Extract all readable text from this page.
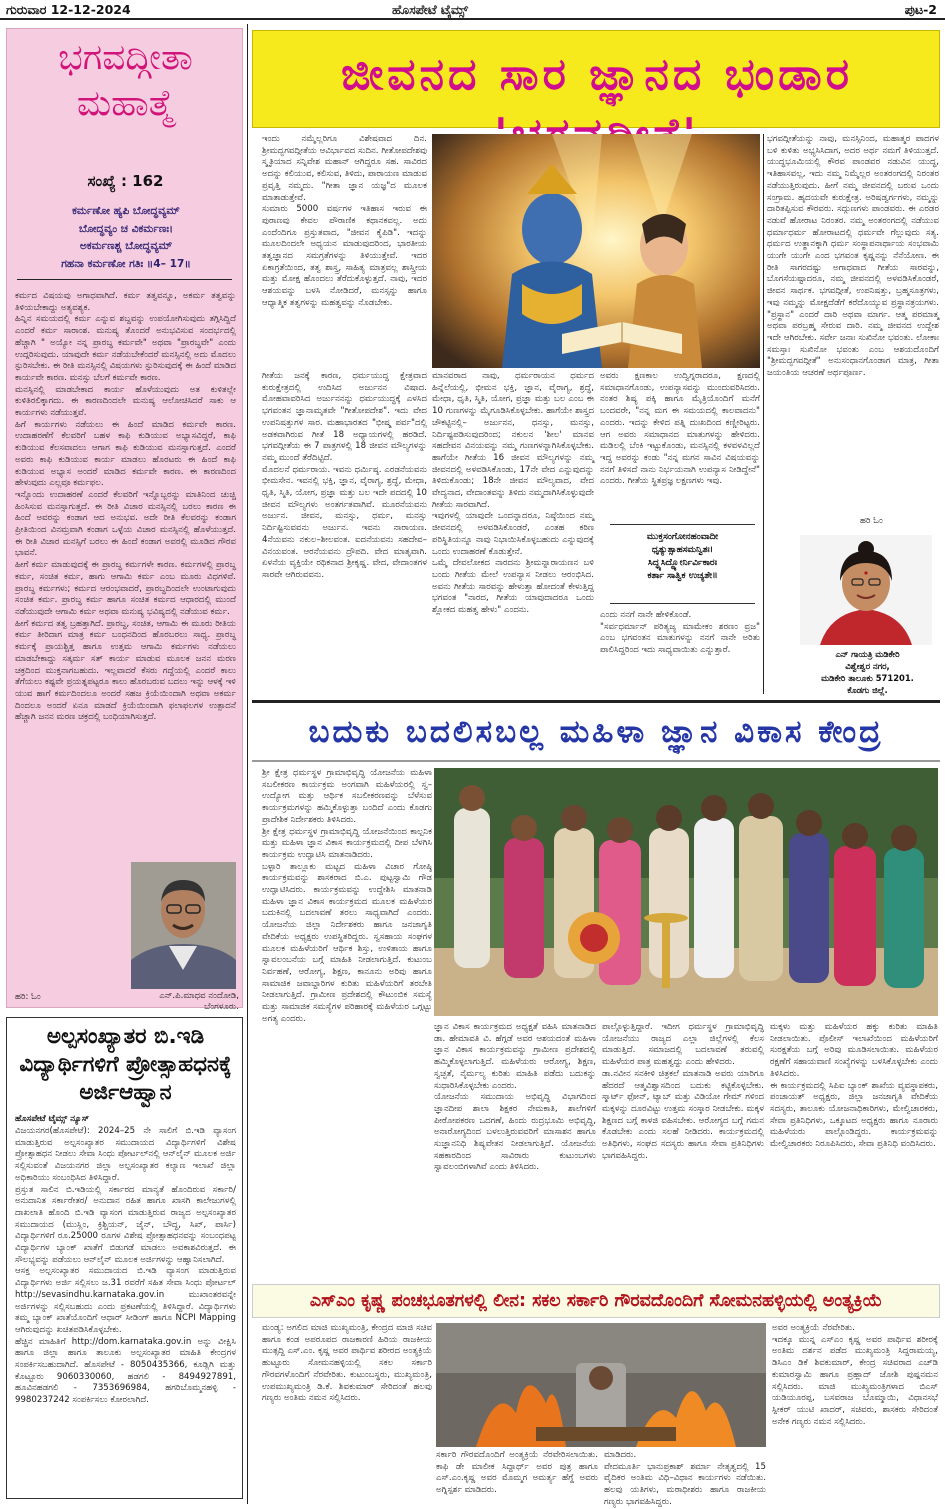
ಗುರುವಾರ 12-12-2024	ಹೊಸಪೇಟೆ ಟೈಮ್ಸ್	ಪುಟ-2
ಭಗವದ್ಗೀತಾ ಮಹಾತ್ಮೆ
ಸಂಖ್ಯೆ : 162
ಕರ್ಮಣೋ ಹ್ಯಪಿ ಬೋದ್ಧವ್ಯಮ್
ಬೋದ್ಧವ್ಯಂ ಚ ವಿಕರ್ಮಣಃ।
ಅಕರ್ಮಣಶ್ಚ ಬೋದ್ಧವ್ಯಮ್
ಗಹನಾ ಕರ್ಮಣೋ ಗತಿಃ ॥4– 17॥
ಕರ್ಮದ ವಿಷಯವು ಅಗಾಧವಾಗಿದೆ. ಕರ್ಮ ತತ್ವವನ್ನೂ, ಅಕರ್ಮ ತತ್ವವನ್ನು ತಿಳಿಯಬೇಕಾದ್ದು ಅತ್ಯವಶ್ಯಕ.
ಹಿನ್ನಿನ ಸಮಯದಲ್ಲಿ ಕರ್ಮ ಎನ್ನುವ ಶಬ್ದವನ್ನು ಉಪಯೋಗಿಸುವುದು ತಗ್ಗಿಸಿದ್ದಿದೆ ಎಂದರೆ ಕರ್ಮ ಸಾರಾಂಶ. ಮನುಷ್ಯ ತೊಂದರೆ ಅನುಭವಿಸುವ ಸಂದರ್ಭದಲ್ಲಿ ಹೆಚ್ಚಾಗಿ " ಅಯ್ಯೋ ನನ್ನ ಪ್ರಾರಬ್ಧ ಕರ್ಮವೇ" ಅಥವಾ "ಪ್ರಾರಬ್ಧವೇ" ಎಂದು ಉದ್ಗರಿಸುವುದು. ಯಾವುದೇ ಕರ್ಮ ನಡೆಯಬೇಕೆಂದರೆ ಮನಸ್ಸಿನಲ್ಲಿ ಅದು ಮೊದಲು ಸ್ಫುರಿಸಬೇಕು. ಈ ರೀತಿ ಮನಸ್ಸಿನಲ್ಲಿ ವಿಷಯಗಳು ಸ್ಫುರಿಸುವುದಕ್ಕೆ ಈ ಹಿಂದೆ ಮಾಡಿದ ಕಾರ್ಯವೇ ಕಾರಣ. ಮನಸ್ಸು ಬೆಲಗೆ ಕರ್ಮವೇ ಕಾರಣ.
ಮನಸ್ಸಿನಲ್ಲಿ ಮಾಡಬೇಕಾದ ಕಾರ್ಯ ಹೊಳೆಯುವುದು ಅತ ಕುಳಿತಲ್ಲೇ ಕುಳಿತಿರಲಿಕ್ಕಾಗದು. ಈ ಕಾರಣದಿಂದಲೇ ಮನುಷ್ಯ ಆಲೋಚಿಸಿದರೆ ಸಾಕು ಆ ಕಾರ್ಯಗಳು ನಡೆಯುತ್ತವೆ.
ಹಿಗೆ ಕಾರ್ಯಗಳು ನಡೆಯಲು ಈ ಹಿಂದೆ ಮಾಡಿದ ಕರ್ಮವೇ ಕಾರಣ. ಉದಾಹರಣೆಗೆ ಕೆಲವರಿಗೆ ಬಹಳ ಕಾಫಿ ಕುಡಿಯುವ ಅಭ್ಯಾಸವಿದ್ದರೆ, ಕಾಫಿ ಕುಡಿಯುವ ಕೆಲಸವಾದಲು ಆಗಾಗ ಕಾಫಿ ಕುಡಿಯುವ ಮನಸ್ಸಾಗುತ್ತದೆ. ಎಂದರೆ ಅವರು ಕಾಫಿ ಕುಡಿಯುವ ಕಾರ್ಯ ಮಾಡಲು ಹೊರಟರು ಈ ಹಿಂದೆ ಕಾಫಿ ಕುಡಿಯುವ ಅಭ್ಯಾಸ ಅಂದರೆ ಮಾಡಿದ ಕರ್ಮವೇ ಕಾರಣ. ಈ ಕಾರಣದಿಂದ ಹೇಳುವುದು ಎಲ್ಲವೂ ಕರ್ಮಫಲ.
ಇನ್ನೊಂದು ಉದಾಹರಣೆ ಎಂದರೆ ಕೆಲವರಿಗೆ ಇನ್ನೊಬ್ಬರನ್ನು ಮಾತಿನಿಂದ ಚುಚ್ಚಿ ಹಿಂಸಿಸುವ ಮನಸ್ಸಾಗುತ್ತದೆ. ಈ ರೀತಿ ವಿಚಾರ ಮನಸ್ಸಿನಲ್ಲಿ ಬರಲು ಕಾರಣ ಈ ಹಿಂದೆ ಅವರನ್ನು ಕಂಡಾಗ ಆದ ಅನುಭವ. ಅದೇ ರೀತಿ ಕೆಲವರನ್ನು ಕಂಡಾಗ ಪ್ರೀತಿಯಿಂದ ವಿನಮ್ರವಾಗಿ ಕಂಡಾಗ ಒಳ್ಳೆಯ ವಿಚಾರ ಮನಸ್ಸಿನಲ್ಲಿ ಹೊಳೆಯುತ್ತದೆ. ಈ ರೀತಿ ವಿಚಾರ ಮನಸ್ಸಿಗೆ ಬರಲು ಈ ಹಿಂದೆ ಕಂಡಾಗ ಅವರಲ್ಲಿ ಮೂಡಿದ ಗೌರವ ಭಾವನೆ.
ಹೀಗೆ ಕರ್ಮ ಮಾಡುವುದಕ್ಕೆ ಈ ಪ್ರಾರಬ್ಧ ಕರ್ಮಗಳೇ ಕಾರಣ. ಕರ್ಮಗಳಲ್ಲಿ ಪ್ರಾರಬ್ಧ ಕರ್ಮ, ಸಂಚಿತ ಕರ್ಮ, ಹಾಗು ಆಗಾಮಿ ಕರ್ಮ ಎಂಬ ಮೂರು ವಿಧಗಳಿವೆ. ಪ್ರಾರಬ್ಧ ಕರ್ಮಗಳು; ಕರ್ಮದ ಆರಂಭವಾದರೆ, ಪ್ರಾರಬ್ಧದಿಂದಲೇ ಉಂಟಾಗುವುದು ಸಂಚಿತ ಕರ್ಮ. ಪ್ರಾರಬ್ಧ ಕರ್ಮ ಹಾಗೂ ಸಂಚಿತ ಕರ್ಮದ ಆಧಾರದಲ್ಲಿ ಮುಂದೆ ನಡೆಯುವುದೇ ಆಗಾಮಿ ಕರ್ಮ ಅಥವಾ ಮನುಷ್ಯ ಭವಿಷ್ಯದಲ್ಲಿ ನಡೆಯುವ ಕರ್ಮ.
ಹೀಗೆ ಕರ್ಮದ ತತ್ವ ಬ್ರಹತ್ತಾಗಿದೆ. ಪ್ರಾರಬ್ಧ, ಸಂಚಿತ, ಆಗಾಮಿ ಈ ಮೂರು ರೀತಿಯ ಕರ್ಮ ತೀರಿದಾಗ ಮಾತ್ರ ಕರ್ಮ ಬಂಧನದಿಂದ ಹೊರಬರಲು ಸಾಧ್ಯ. ಪ್ರಾರಬ್ಧ ಕರ್ಮಕ್ಕೆ ಪ್ರಾಯಶ್ಚಿತ್ತ ಹಾಗೂ ಉತ್ತಮ ಆಗಾಮಿ ಕರ್ಮಗಳು ನಡೆಯಲು ಮಾಡಬೇಕಾದ್ದು ಸತ್ಕರ್ಮ ಸತ್ ಕಾರ್ಯ ಮಾಡುವ ಮೂಲಕ ಜನನ ಮರಣ ಚಕ್ರದಿಂದ ಮುಕ್ತನಾಗಬಹುದು. ಇಲ್ಲವಾದರೆ ಕೆಸರು ಗದ್ದೆಯಲ್ಲಿ ಎಂದರೆ ಕಾಲು ತೆಗೆಯಲು ಕಷ್ಟವೇ ಪ್ರಯತ್ನಪಟ್ಟರೂ ಕಾಲು ಹೊರಬರುವ ಬದಲು ಇನ್ನು ಆಳಕ್ಕೆ ಇಳಿ ಯುವ ಹಾಗೆ ಕರ್ಮದಿಂದಲೂ ಅಂದರೆ ಸಹಜ ಕ್ರಿಯೆಯಿಂದಾಗಿ ಅಥವಾ ಅಕರ್ಮ ದಿಂದಲೂ ಅಂದರೆ ಏನೂ ಮಾಡದೆ ಕ್ರಿಯೆಯಿಂದಾಗಿ ಫಲಾಫಲಗಳ ಉತ್ಪಾದನೆ ಹೆಚ್ಚಾಗಿ ಜನನ ಮರಣ ಚಕ್ರದಲ್ಲಿ ಬಂಧಿಯಾಗಿಸುತ್ತದೆ.
ಎನ್.ಪಿ.ಮಾಧವ ನಂದೋಡಿ,
ಬೆಂಗಳೂರು.
ಹರಿ: ಓಂ
ಅಲ್ಪಸಂಖ್ಯಾತರ ಬಿ.ಇಡಿ ವಿದ್ಯಾರ್ಥಿಗಳಿಗೆ ಪ್ರೋತ್ಸಾಹಧನಕ್ಕೆ ಅರ್ಜಿಆಹ್ವಾನ
ಹೊಸಪೇಟೆ ಟೈಮ್ಸ್ ನ್ಯೂಸ್
ವಿಜಯನಗರ(ಹೊಸಪೇಟೆ): 2024–25 ನೇ ಸಾಲಿಗೆ ಬಿ.ಇಡಿ ವ್ಯಾಸಂಗ ಮಾಡುತ್ತಿರುವ ಅಲ್ಪಸಂಖ್ಯಾತರ ಸಮುದಾಯದ ವಿದ್ಯಾರ್ಥಿಗಳಿಗೆ ವಿಶೇಷ ಪ್ರೋತ್ಸಾಹಧನ ನೀಡಲು ಸೇವಾ ಸಿಂಧು ಪೋರ್ಟಲ್‌ನಲ್ಲಿ ಆನ್‌ಲೈನ್ ಮೂಲಕ ಅರ್ಜಿ ಸಲ್ಲಿಸುವಂತೆ ವಿಜಯನಗರ ಜಿಲ್ಲಾ ಅಲ್ಪಸಂಖ್ಯಾತರ ಕಲ್ಯಾಣ ಇಲಾಖೆ ಜಿಲ್ಲಾ ಅಧಿಕಾರಿಯು ಸಂಬಂಧಿಸಿದ ತಿಳಿಸಿದ್ದಾರೆ.
ಪ್ರಸ್ತುತ ಸಾಲಿನ ಬಿ.ಇಡಿಯಲ್ಲಿ ಸರ್ಕಾರದ ಮಾನ್ಯತೆ ಹೊಂದಿರುವ ಸರ್ಕಾರಿ/ಅನುದಾನಿತ ಸರ್ಕಾರೇತರ/ ಅನುದಾನ ರಹಿತ ಹಾಗೂ ಖಾಸಗಿ ಕಾಲೇಜುಗಳಲ್ಲಿ ದಾಖಲಾತಿ ಹೊಂದಿ ಬಿ.ಇಡಿ ವ್ಯಾಸಂಗ ಮಾಡುತ್ತಿರುವ ರಾಜ್ಯದ ಅಲ್ಪಸಂಖ್ಯಾತರ ಸಮುದಾಯದ (ಮುಸ್ಲಿಂ, ಕ್ರಿಶ್ಚಿಯನ್, ಜೈನ್, ಬೌದ್ಧ, ಸಿಖ್, ಪಾರ್ಸಿ) ವಿದ್ಯಾರ್ಥಿಗಳಿಗೆ ರೂ.25000 ರೂಗಳ ವಿಶೇಷ ಪ್ರೋತ್ಸಾಹಧನವನ್ನು ಸಂಬಂಧಪಟ್ಟ ವಿದ್ಯಾರ್ಥಿಗಳ ಬ್ಯಾಂಕ್ ಖಾತೆಗೆ ಬಿಡುಗಡೆ ಮಾಡಲು ಅವಕಾಶವಿರುತ್ತದೆ. ಈ ಸೌಲಭ್ಯವನ್ನು ಪಡೆಯಲು ಆನ್‌ಲೈನ್ ಮೂಲಕ ಅರ್ಜಿಗಳನ್ನು ಆಹ್ವಾನಿಸಲಾಗಿದೆ.
ಆಸಕ್ತ ಅಲ್ಪಸಂಖ್ಯಾತರ ಸಮುದಾಯದ ಬಿ.ಇಡಿ ವ್ಯಾಸಂಗ ಮಾಡುತ್ತಿರುವ ವಿದ್ಯಾರ್ಥಿಗಳು ಅರ್ಜಿ ಸಲ್ಲಿಸಲು ಜ.31 ರವರೆಗೆ ಸಹಿತ ಸೇವಾ ಸಿಂಧು ಪೋರ್ಟಲ್ http://sevasindhu.karnataka.gov.in ಮುಖಾಂತರವನ್ನೇ ಅರ್ಜಿಗಳನ್ನು ಸಲ್ಲಿಸಬಹುದು ಎಂದು ಪ್ರಕಟಣೆಯಲ್ಲಿ ತಿಳಿಸಿದ್ದಾರೆ. ವಿದ್ಯಾರ್ಥಿಗಳು ತಮ್ಮ ಬ್ಯಾಂಕ್ ಖಾತೆಯೊಂದಿಗೆ ಆಧಾರ್ ಸೀಡಿಂಗ್ ಹಾಗೂ NCPI Mapping ಆಗಿರುವುದನ್ನು ಖಚಿತಪಡಿಸಿಕೊಳ್ಳಬೇಕು.
ಹೆಚ್ಚಿನ ಮಾಹಿತಿಗೆ http://dom.karnataka.gov.in ಅನ್ನು ವೀಕ್ಷಿಸಿ ಹಾಗೂ ಜಿಲ್ಲಾ ಹಾಗೂ ತಾಲೂಕು ಅಲ್ಪಸಂಖ್ಯಾತರ ಮಾಹಿತಿ ಕೇಂದ್ರಗಳ ಸಂಪರ್ಕಿಸಬಹುದಾಗಿದೆ. ಹೊಸಪೇಟೆ - 8050435366, ಕೂಡ್ಲಿಗಿ ಮತ್ತು ಕೊಟ್ಟೂರು 9060330060, ಹಡಗಲಿ - 8494927891, ಹೂವಿನಹಡಗಲಿ - 7353696984, ಹಗರಿಬೊಮ್ಮನಹಳ್ಳಿ - 9980237242 ಸಂಪರ್ಕಿಸಲು ಕೋರಲಾಗಿದೆ.
ಜೀವನದ ಸಾರ ಜ್ಞಾನದ ಭಂಡಾರ
ಇಂದು ನಮ್ಮೆಲ್ಲರಿಗೂ ವಿಶೇಷವಾದ ದಿನ. ಶ್ರೀಮದ್ಭಗವದ್ಗೀತೆಯ ಆವಿರ್ಭಾವದ ಸುದಿನ. ಗೀತೋಪದೇಶವು ಸ್ಮೃತಿಯಾದ ಸನ್ನಿವೇಶ ಮಹಾನ್ ಆಗಿದ್ದರೂ ಸಹ. ಸಾವಿರದ ಅದನ್ನು ಕಲಿಯುವ, ಕಲಿಸುವ, ತಿಳಿದು, ಪಾರಾಯಣ ಮಾಡುವ ಪ್ರವೃತ್ತಿ ನಮ್ಮದು. "ಗೀತಾ ಜ್ಞಾನ ಯಜ್ಞ"ದ ಮೂಲಕ ಮಾತಾಡುತ್ತೇವೆ.
ಸುಮಾರು 5000 ವರ್ಷಗಳ ಇತಿಹಾಸ ಇರುವ ಈ ಪುರಾಣವು ಕೇವಲ ಪೌರಾಣಿಕ ಕಥಾನಕವಲ್ಲ. ಅದು ಎಂದೆಂದಿಗೂ ಪ್ರಸ್ತುತವಾದ, "ಜೀವನ ಕೈಪಿಡಿ". ಇದನ್ನು ಮೂಲದಿಂದಲೇ ಅಧ್ಯಯನ ಮಾಡುವುದರಿಂದ, ಭಾರತೀಯ ತತ್ವಜ್ಞಾನದ ಸಮಗ್ರತೆಗಳನ್ನು ತಿಳಿಯುತ್ತೇವೆ. ಇದರ ಏಕಾಗ್ರತೆಯಿಂದ, ತತ್ವ ಶಾಸ್ತ್ರ, ಸಾಹಿತ್ಯ ಮಾತ್ರವಲ್ಲ ಶಾಸ್ತ್ರೀಯ ಮತ್ತು ಮೋಕ್ಷ ಹೊಂದಲು ತೆರೆದುಕೊಳ್ಳುತ್ತದೆ. ನಾವು, ಇದರ ಆಶಯವನ್ನು ಬಳಸಿ ನೋಡಿದರೆ, ಮನಸ್ಸನ್ನು ಹಾಗೂ ಆಧ್ಯಾತ್ಮಿಕ ತತ್ವಗಳನ್ನು ಮಹತ್ವವನ್ನು ನೊಡಬೇಕು.
ಗೀತೆಯ ಜನಕ್ಕೆ ಕಾರಣ, ಧರ್ಮಯುದ್ಧ ಕ್ಷೇತ್ರವಾದ ಕುರುಕ್ಷೇತ್ರದಲ್ಲಿ ಉದಿಸಿದ ಅರ್ಜುನನ ವಿಷಾದ. ಮೋಹವಾವರಿಸಿದ ಅರ್ಜುನನನ್ನು ಧರ್ಮಯುದ್ಧಕ್ಕೆ ಎಳಸಿದ ಭಗವಂತನ ಜ್ಞಾನಾಮೃತವೇ "ಗೀತೋಪದೇಶ". ಇದು ವೇದ ಉಪನಿಷತ್ತುಗಳ ಸಾರ. ಮಹಾಭಾರತದ "ಭೀಷ್ಮ ಪರ್ವ"ದಲ್ಲಿ ಅಡಕವಾಗಿರುವ ಗೀತೆ 18 ಅಧ್ಯಾಯಗಳಲ್ಲಿ ಹರಡಿದೆ. ಭಗವದ್ಗೀತೆಯ ಈ 7 ಪಾತ್ರಗಳಲ್ಲಿ 18 ಜೀವನ ಮೌಲ್ಯಗಳನ್ನು ನಮ್ಮ ಮುಂದೆ ತೆರೆದಿಟ್ಟಿದೆ.
ಮೊದಲನೆ ಧರ್ಮರಾಯ. ಇವನು ಧರ್ಮಿಷ್ಠ. ಎರಡನೆಯವನು ಭೀಮಸೇನ. ಇವನಲ್ಲಿ ಭಕ್ತಿ, ಜ್ಞಾನ, ವೈರಾಗ್ಯ, ಶ್ರದ್ಧೆ, ಮೇಧಾ, ಧೃತಿ, ಸ್ಮಿತಿ, ಯೋಗ, ಪ್ರಜ್ಞಾ ಮತ್ತು ಬಲ ಇದೇ ಪದದಲ್ಲಿ 10 ಜೀವನ ಮೌಲ್ಯಗಳು ಅಂತರ್ಗತವಾಗಿವೆ. ಮೂರನೆಯವನು ಅರ್ಜುನ. ಜೀವನ, ಮನಸ್ಸು, ಧರ್ಮ, ಮನಸ್ಸು ನಿರ್ದಿಷ್ಟಿಸುವವನು ಅರ್ಜುನ. ಇವನು ನಾರಾಯಣ. 4ನೆಯವನು ನಕುಲ–ಶೀಲವಂತ. ಐದನೆಯವನು ಸಹದೇವ–ವಿನಯವಂತ. ಆರನೆಯವನು ದ್ರೌಪದಿ. ವೇದ ಮಾತೃವಾಗಿ. ಏಳನೆಯ ವ್ಯಕ್ತಿಯೇ ರಥಿಕನಾದ ಶ್ರೀಕೃಷ್ಣ. ವೇದ, ವೇದಾಂತಗಳ ಸಾರವೇ ಆಗಿರುವವನು.
ಮಾನವರಾದ ನಾವು, ಧರ್ಮರಾಯನ ಧರ್ಮದ ಹಿನ್ನೆಲೆಯಲ್ಲಿ, ಭೀಮನ ಭಕ್ತಿ, ಜ್ಞಾನ, ವೈರಾಗ್ಯ, ಶ್ರದ್ಧೆ, ಮೇಧಾ, ಧೃತಿ, ಸ್ಮಿತಿ, ಯೋಗ, ಪ್ರಜ್ಞಾ ಮತ್ತು ಬಲ ಎಂಬ ಈ 10 ಗುಣಗಳನ್ನು ಮೈಗೂಡಿಸಿಕೊಳ್ಳಬೇಕು. ಹಾಗೆಯೇ ಶಾಸ್ತ್ರದ ಚೌಕಟ್ಟಿನಲ್ಲಿ– ಅರ್ಜುನನ, ಧನಸ್ಸು, ಮನಸ್ಸು, ನಿರ್ದಿಷ್ಟಪಡಿಸುವುದರಿಂದ; ನಕುಲನ 'ಶೀಲ' ಮಾನವ ಸಹದೇವನ ವಿನಯವನ್ನು ನಮ್ಮ ಗುಣಗಳನ್ನಾಗಿಸಿಕೊಳ್ಳಬೇಕು. ಹಾಗೆಯೇ ಗೀತೆಯ 16 ಜೀವನ ಮೌಲ್ಯಗಳನ್ನು ನಮ್ಮ ಜೀವನದಲ್ಲಿ ಅಳವಡಿಸಿಕೊಂಡು, 17ನೇ ವೇದ ಎನ್ನುವುದನ್ನು ತಿಳಿದುಕೊಂಡು; 18ನೇ ಜೀವನ ಮೌಲ್ಯವಾದ, ವೇದ ವೇದ್ಯನಾದ, ವೇದಾಂತವನ್ನು ತಿಳಿದು ನಮ್ಮದಾಗಿಸಿಕೊಳ್ಳುವುದೇ ಗೀತೆಯ ಸಾರವಾಗಿದೆ.
ಇವುಗಳಲ್ಲಿ ಯಾವುದೇ ಒಂದನ್ನಾದರೂ, ನಿಷ್ಠೆಯಿಂದ ನಮ್ಮ ಜೀವನದಲ್ಲಿ ಅಳವಡಿಸಿಕೊಂಡರೆ, ಎಂತಹ ಕಠಿಣ ಪರಿಸ್ಥಿತಿಯನ್ನೂ ನಾವು ನಿಭಾಯಿಸಿಕೊಳ್ಳಬಹುದು ಎನ್ನುವುದಕ್ಕೆ ಒಂದು ಉದಾಹರಣೆ ಕೊಡುತ್ತೇನೆ.
ಒಮ್ಮೆ ದೇವಲೋಕದ ನಾರದನು ಶ್ರೀಮನ್ನಾರಾಯಣನ ಬಳಿ ಬಂದು ಗೀತೆಯ ಮೇಲೆ ಉಪನ್ಯಾಸ ನೀಡಲು ಆರಂಭಿಸಿದ. ಅವನು ಗೀತೆಯ ಸಾರವನ್ನು ಹೇಳುತ್ತಾ ಹೋದಂತೆ ಕೇಳುತ್ತಿದ್ದ ಭಗವಂತ "ನಾರದ, ಗೀತೆಯ ಯಾವುದಾದರೂ ಒಂದು ಶ್ಲೋಕದ ಮಹತ್ವ ಹೇಳು" ಎಂದನು.
ಅವರು ಕ್ಷಣಕಾಲ ಉದ್ವಿಗ್ನರಾದರೂ, ಕ್ಷಣದಲ್ಲಿ ಸಮಾಧಾನಗೊಂಡು, ಉಪನ್ಯಾಸವನ್ನು ಮುಂದುವರಿಸಿದರು. ನಂತರ ಶಿಷ್ಯ ಪಕ್ಕಿ ಹಾಗೂ ಮೈತ್ರಿಯೊಂದಿಗೆ ಮನೆಗೆ ಬಂದವರೇ, "ನನ್ನ ಮಗ ಈ ಸಮಯದಲ್ಲಿ ಕಾಲವಾದನು" ಎಂದರು. ಇದನ್ನು ಕೇಳಿದ ಪತ್ನಿ ದುಃಖದಿಂದ ಕಣ್ಣೀರಿಟ್ಟರು. ಆಗ ಅವರು ಸಮಾಧಾನದ ಮಾತುಗಳನ್ನು ಹೇಳಿದರು. ಮಡಿಲಲ್ಲಿ ಬೆಂಕಿ ಇಟ್ಟುಕೊಂಡು, ಮನಸ್ಸಿನಲ್ಲಿ ಕಳವಳವಿಲ್ಲದೆ ಇದ್ದ ಅವರನ್ನು ಕಂಡು "ನನ್ನ ಮಗನ ಸಾವಿನ ವಿಷಯವನ್ನು ನನಗೆ ತಿಳಿಸದೆ ನಾನು ನಿರ್ಭಯನಾಗಿ ಉಪನ್ಯಾಸ ನೀಡಿದ್ದೇನೆ" ಎಂದರು. ಗೀತೆಯ ಸ್ಥಿತಪ್ರಜ್ಞ ಲಕ್ಷಣಗಳು ಇವು.
ಮುಕ್ತಸಂಗೋನಹಂವಾದೀ
ಧೃತ್ಯುತ್ಸಾಹಸಮನ್ವಿತಃ।
ಸಿದ್ಧ್ಯಸಿದ್ಧ್ಯೋರ್ನಿರ್ವಿಕಾರಃ
ಕರ್ತಾ ಸಾತ್ವಿಕ ಉಚ್ಯತೇ॥
ಎಂದು ನನಗೆ ನಾನೇ ಹೇಳಿಕೊಂಡೆ.
"ಸರ್ವಧರ್ಮಾನ್ ಪರಿತ್ಯಜ್ಯ ಮಾಮೇಕಂ ಶರಣಂ ವ್ರಜ" ಎಂಬ ಭಗವಂತನ ಮಾತುಗಳನ್ನು ನನಗೆ ನಾನೇ ಅರಿತು ಪಾಲಿಸಿದ್ದರಿಂದ ಇದು ಸಾಧ್ಯವಾಯಿತು ಎನ್ನುತ್ತಾರೆ.
ಭಗವದ್ಗೀತೆಯನ್ನು ನಾವು, ಮನಸ್ಸಿನಿಂದ, ಮಹಾತ್ಮರ ಪಾದಗಳ ಬಳಿ ಕುಳಿತು ಅಭ್ಯಸಿಸಿದಾಗ, ಅದರ ಅರ್ಥ ನಮಗೆ ತಿಳಿಯುತ್ತದೆ. ಯುದ್ಧಭೂಮಿಯಲ್ಲಿ ಕೌರವ ಪಾಂಡವರ ನಡುವಿನ ಯುದ್ಧ, ಇತಿಹಾಸವಲ್ಲ, ಇದು ನಮ್ಮ ನಿಮ್ಮೆಲ್ಲರ ಅಂತರಂಗದಲ್ಲಿ ನಿರಂತರ ನಡೆಯುತ್ತಿರುವುದು. ಹೀಗೆ ನಮ್ಮ ಜೀವನದಲ್ಲಿ ಬರುವ ಒಂದು ಸಂಗ್ರಾಮ. ಹೃದಯವೇ ಕುರುಕ್ಷೇತ್ರ. ಅರಿಷಡ್ವರ್ಗಗಳು, ನಮ್ಮನ್ನು ದಾರಿತಪ್ಪಿಸುವ ಕೌರವರು. ಸದ್ಗುಣಗಳು ಪಾಂಡವರು. ಈ ಎರಡರ ನಡುವೆ ಹೋರಾಟ ನಿರಂತರ. ನಮ್ಮ ಅಂತರಂಗದಲ್ಲಿ ನಡೆಯುವ ಧರ್ಮಾಧರ್ಮ ಹೋರಾಟದಲ್ಲಿ ಧರ್ಮವೇ ಗೆಲ್ಲುವುದು ಸತ್ಯ. ಧರ್ಮದ ಉತ್ಥಾನಕ್ಕಾಗಿ ಧರ್ಮ ಸಂಸ್ಥಾಪನಾರ್ಥಾಯ ಸಂಭವಾಮಿ ಯುಗೇ ಯುಗೇ ಎಂದ ಭಗವಂತ ಕೃಷ್ಣನನ್ನು ನೆನೆಯೋಣ. ಈ ರೀತಿ ಸಾಗರದಷ್ಟು ಅಗಾಧವಾದ ಗೀತೆಯ ಸಾರವನ್ನು, ಬೊಗಸೆಯಷ್ಟಾದರೂ, ನಮ್ಮ ಜೀವನದಲ್ಲಿ ಅಳವಡಿಸಿಕೊಂಡರೆ, ಜೀವನ ಸಾರ್ಥಕ. ಭಗವದ್ಗೀತೆ, ಉಪನಿಷತ್ತು, ಬ್ರಹ್ಮಸೂತ್ರಗಳು, ಇವು ನಮ್ಮನ್ನು ಮೋಕ್ಷದೆಡೆಗೆ ಕರೆದೊಯ್ಯುವ ಪ್ರಸ್ಥಾನತ್ರಯಗಳು. "ಪ್ರಸ್ಥಾನ" ಎಂದರೆ ದಾರಿ ಅಥವಾ ಮಾರ್ಗ. ಆತ್ಮ ಪರಮಾತ್ಮ ಅಥವಾ ಪರಬ್ರಹ್ಮ ಸೇರುವ ದಾರಿ. ನಮ್ಮ ಜೀವನದ ಉದ್ದೇಶ ಇದೇ ಆಗಿರಬೇಕು. ಸರ್ವೇ ಜನಾಃ ಸುಖಿನೋ ಭವಂತು. ಲೋಕಾಃ ಸಮಸ್ತಾಃ ಸುಖಿನೋ ಭವಂತು ಎಂಬ ಆಶಯದೊಂದಿಗೆ "ಶ್ರೀಮದ್ಭಗವದ್ಗೀತೆ" ಅನುಸಂಧಾನಗೊಂಡಾಗ ಮಾತ್ರ, ಗೀತಾ ಜಯಂತಿಯ ಆಚರಣೆ ಅರ್ಥಪೂರ್ಣ.
ಹರಿ ಓಂ
ಎನ್ ಗಾಯತ್ರಿ ಮಡಿಕೇರಿ
ವಿಶ್ವೇಶ್ವರ ನಗರ,
ಮಡಿಕೇರಿ ತಾಲೂಕು 571201.
ಕೊಡಗು ಜಿಲ್ಲೆ.
ಬದುಕು ಬದಲಿಸಬಲ್ಲ ಮಹಿಳಾ ಜ್ಞಾನ ವಿಕಾಸ ಕೇಂದ್ರ
ಶ್ರೀ ಕ್ಷೇತ್ರ ಧರ್ಮಸ್ಥಳ ಗ್ರಾಮಾಭಿವೃದ್ಧಿ ಯೋಜನೆಯ ಮಹಿಳಾ ಸಬಲೀಕರಣ ಕಾರ್ಯಕ್ರಮ ಅಂಗವಾಗಿ ಮಹಿಳೆಯರಲ್ಲಿ ಸ್ವ–ಉದ್ಯೋಗ ಮತ್ತು ಆರ್ಥಿಕ ಸಬಲೀಕರಣವನ್ನು ಬೆಳೆಸುವ ಕಾರ್ಯಕ್ರಮಗಳನ್ನು ಹಮ್ಮಿಕೊಳ್ಳುತ್ತಾ ಬಂದಿದೆ ಎಂದು ಕೊಡಗು ಪ್ರಾದೇಶಿಕ ನಿರ್ದೇಶಕರು ತಿಳಿಸಿದರು.
ಶ್ರೀ ಕ್ಷೇತ್ರ ಧರ್ಮಸ್ಥಳ ಗ್ರಾಮಾಭಿವೃದ್ಧಿ ಯೋಜನೆಯಿಂದ ಕಾಲ್ಪನಿಕ ಮತ್ತು ಮಹಿಳಾ ಜ್ಞಾನ ವಿಕಾಸ ಕಾರ್ಯಕ್ರಮದಲ್ಲಿ ದೀಪ ಬೆಳಗಿಸಿ ಕಾರ್ಯಕ್ರಮ ಉದ್ಘಾಟಿಸಿ ಮಾತನಾಡಿದರು.
ಬಳ್ಳಾರಿ ತಾಲ್ಲೂಕು ಮಟ್ಟದ ಮಹಿಳಾ ವಿಚಾರ ಗೋಷ್ಠಿ ಕಾರ್ಯಕ್ರಮವನ್ನು ಶಾಸಕರಾದ ಬಿ.ಎ. ಪುಟ್ಟಸ್ವಾಮಿ ಗೌಡ ಉದ್ಘಾಟಿಸಿದರು. ಕಾರ್ಯಕ್ರಮವನ್ನು ಉದ್ದೇಶಿಸಿ ಮಾತನಾಡಿ ಮಹಿಳಾ ಜ್ಞಾನ ವಿಕಾಸ ಕಾರ್ಯಕ್ರಮದ ಮೂಲಕ ಮಹಿಳೆಯರ ಬದುಕಿನಲ್ಲಿ ಬದಲಾವಣೆ ತರಲು ಸಾಧ್ಯವಾಗಿದೆ ಎಂದರು. ಯೋಜನೆಯ ಜಿಲ್ಲಾ ನಿರ್ದೇಶಕರು ಹಾಗೂ ಜನಜಾಗೃತಿ ವೇದಿಕೆಯ ಅಧ್ಯಕ್ಷರು ಉಪಸ್ಥಿತರಿದ್ದರು. ಸ್ವಸಹಾಯ ಸಂಘಗಳ ಮೂಲಕ ಮಹಿಳೆಯರಿಗೆ ಆರ್ಥಿಕ ಶಿಸ್ತು, ಉಳಿತಾಯ ಹಾಗೂ ಸ್ವಾವಲಂಬನೆಯ ಬಗ್ಗೆ ಮಾಹಿತಿ ನೀಡಲಾಗುತ್ತಿದೆ. ಕುಟುಂಬ ನಿರ್ವಹಣೆ, ಆರೋಗ್ಯ, ಶಿಕ್ಷಣ, ಕಾನೂನು ಅರಿವು ಹಾಗೂ ಸಾಮಾಜಿಕ ಜವಾಬ್ದಾರಿಗಳ ಕುರಿತು ಮಹಿಳೆಯರಿಗೆ ತರಬೇತಿ ನೀಡಲಾಗುತ್ತಿದೆ. ಗ್ರಾಮೀಣ ಪ್ರದೇಶದಲ್ಲಿ ಕೌಟುಂಬಿಕ ಸಮಸ್ಯೆ ಮತ್ತು ಸಾಮಾಜಿಕ ಸಮಸ್ಯೆಗಳ ಪರಿಹಾರಕ್ಕೆ ಮಹಿಳೆಯರ ಒಗ್ಗಟ್ಟು ಅಗತ್ಯ ಎಂದರು.
ಜ್ಞಾನ ವಿಕಾಸ ಕಾರ್ಯಕ್ರಮದ ಅಧ್ಯಕ್ಷತೆ ವಹಿಸಿ ಮಾತನಾಡಿದ ಡಾ. ಹೇಮಾವತಿ ವಿ. ಹೆಗ್ಗಡೆ ಅವರ ಆಶಯದಂತೆ ಮಹಿಳಾ ಜ್ಞಾನ ವಿಕಾಸ ಕಾರ್ಯಕ್ರಮವನ್ನು ಗ್ರಾಮೀಣ ಪ್ರದೇಶದಲ್ಲಿ ಹಮ್ಮಿಕೊಳ್ಳಲಾಗುತ್ತಿದೆ. ಮಹಿಳೆಯರು ಆರೋಗ್ಯ, ಶಿಕ್ಷಣ, ಸ್ವಚ್ಛತೆ, ನೈರ್ಮಲ್ಯ ಕುರಿತು ಮಾಹಿತಿ ಪಡೆದು ಬದುಕನ್ನು ಸುಧಾರಿಸಿಕೊಳ್ಳಬೇಕು ಎಂದರು.
ಯೋಜನೆಯ ಸಮುದಾಯ ಅಭಿವೃದ್ಧಿ ವಿಭಾಗದಿಂದ ಜ್ಞಾನದೀಪ ಶಾಲಾ ಶಿಕ್ಷಕರ ನೇಮಕಾತಿ, ಶಾಲೆಗಳಿಗೆ ಪೀಠೋಪಕರಣ ಒದಗಣೆ, ಹಿಂದು ರುದ್ರಭೂಮಿ ಅಭಿವೃದ್ಧಿ, ಅನಾರೋಗ್ಯದಿಂದ ಬಳಲುತ್ತಿರುವವರಿಗೆ ಮಾಸಾಶನ ಹಾಗೂ ಸುಜ್ಞಾನನಿಧಿ ಶಿಷ್ಯವೇತನ ನೀಡಲಾಗುತ್ತಿದೆ. ಯೋಜನೆಯ ಸಹಕಾರದಿಂದ ಸಾವಿರಾರು ಕುಟುಂಬಗಳು ಸ್ವಾವಲಂಬಿಗಳಾಗಿವೆ ಎಂದು ತಿಳಿಸಿದರು.
ಪಾಲ್ಗೊಳ್ಳುತ್ತಿದ್ದಾರೆ. ಇದೀಗ ಧರ್ಮಸ್ಥಳ ಗ್ರಾಮಾಭಿವೃದ್ಧಿ ಯೋಜನೆಯು ರಾಜ್ಯದ ಎಲ್ಲಾ ಜಿಲ್ಲೆಗಳಲ್ಲಿ ಕೆಲಸ ಮಾಡುತ್ತಿದೆ. ಸಮಾಜದಲ್ಲಿ ಬದಲಾವಣೆ ತರುವಲ್ಲಿ ಮಹಿಳೆಯರ ಪಾತ್ರ ಮಹತ್ವದ್ದು ಎಂದು ಹೇಳಿದರು.
ಡಾ.ನವೀನ ಸನಕೀಳಿ ಚಿತ್ರಕಲೆ ಮಾತನಾಡಿ ಅವರು ಯಾರಿಗೂ ಹೆದರದೆ ಆತ್ಮವಿಶ್ವಾಸದಿಂದ ಬದುಕು ಕಟ್ಟಿಕೊಳ್ಳಬೇಕು. ಸ್ಮಾರ್ಟ್ ಫೋನ್, ಟ್ಯಾಬ್ ಮತ್ತು ವಿಡಿಯೋ ಗೇಮ್ ಗಳಿಂದ ಮಕ್ಕಳನ್ನು ದೂರವಿಟ್ಟು ಉತ್ತಮ ಸಂಸ್ಕಾರ ನೀಡಬೇಕು. ಮಕ್ಕಳ ಶಿಕ್ಷಣದ ಬಗ್ಗೆ ಕಾಳಜಿ ವಹಿಸಬೇಕು. ಆರೋಗ್ಯದ ಬಗ್ಗೆ ಗಮನ ಕೊಡಬೇಕು ಎಂದು ಸಲಹೆ ನೀಡಿದರು. ಕಾರ್ಯಕ್ರಮದಲ್ಲಿ ಅತಿಥಿಗಳು, ಸಂಘದ ಸದಸ್ಯರು ಹಾಗೂ ಸೇವಾ ಪ್ರತಿನಿಧಿಗಳು ಭಾಗವಹಿಸಿದ್ದರು.
ಮಕ್ಕಳು ಮತ್ತು ಮಹಿಳೆಯರ ಹಕ್ಕು ಕುರಿತು ಮಾಹಿತಿ ನೀಡಲಾಯಿತು. ಪೊಲೀಸ್ ಇಲಾಖೆಯಿಂದ ಮಹಿಳೆಯರಿಗೆ ಸುರಕ್ಷತೆಯ ಬಗ್ಗೆ ಅರಿವು ಮೂಡಿಸಲಾಯಿತು. ಮಹಿಳೆಯರ ರಕ್ಷಣೆಗೆ ಸಹಾಯವಾಣಿ ಸಂಖ್ಯೆಗಳನ್ನು ಬಳಸಿಕೊಳ್ಳಬೇಕು ಎಂದು ತಿಳಿಸಿದರು.
ಈ ಕಾರ್ಯಕ್ರಮದಲ್ಲಿ ಸಿಪಿಐ ಬ್ಯಾಂಕ್ ಶಾಖೆಯ ವ್ಯವಸ್ಥಾಪಕರು, ಪಂಚಾಯತ್ ಅಧ್ಯಕ್ಷರು, ಜಿಲ್ಲಾ ಜನಜಾಗೃತಿ ವೇದಿಕೆಯ ಸದಸ್ಯರು, ತಾಲೂಕು ಯೋಜನಾಧಿಕಾರಿಗಳು, ಮೇಲ್ವಿಚಾರಕರು, ಸೇವಾ ಪ್ರತಿನಿಧಿಗಳು, ಒಕ್ಕೂಟದ ಅಧ್ಯಕ್ಷರು ಹಾಗೂ ನೂರಾರು ಮಹಿಳೆಯರು ಪಾಲ್ಗೊಂಡಿದ್ದರು. ಕಾರ್ಯಕ್ರಮವನ್ನು ಮೇಲ್ವಿಚಾರಕರು ನಿರೂಪಿಸಿದರು, ಸೇವಾ ಪ್ರತಿನಿಧಿ ವಂದಿಸಿದರು.
ಎಸ್‌ಎಂ ಕೃಷ್ಣ ಪಂಚಭೂತಗಳಲ್ಲಿ ಲೀನ: ಸಕಲ ಸರ್ಕಾರಿ ಗೌರವದೊಂದಿಗೆ ಸೋಮನಹಳ್ಳಿಯಲ್ಲಿ ಅಂತ್ಯಕ್ರಿಯೆ
ಮಂಡ್ಯ: ಅಗಲಿದ ಮಾಜಿ ಮುಖ್ಯಮಂತ್ರಿ, ಕೇಂದ್ರದ ಮಾಜಿ ಸಚಿವ ಹಾಗೂ ಕಂಡ ಅಪರೂಪದ ರಾಜಕಾರಣಿ ಹಿರಿಯ ರಾಜಕೀಯ ಮುತ್ಸದ್ದಿ ಎಸ್.ಎಂ. ಕೃಷ್ಣ ಅವರ ಪಾರ್ಥಿವ ಶರೀರದ ಅಂತ್ಯಕ್ರಿಯೆ ಹುಟ್ಟೂರು ಸೋಮನಹಳ್ಳಿಯಲ್ಲಿ ಸಕಲ ಸರ್ಕಾರಿ ಗೌರವಗಳೊಂದಿಗೆ ನೆರವೇರಿತು. ಕುಟುಂಬಸ್ಥರು, ಮುಖ್ಯಮಂತ್ರಿ, ಉಪಮುಖ್ಯಮಂತ್ರಿ ಡಿ.ಕೆ. ಶಿವಕುಮಾರ್ ಸೇರಿದಂತೆ ಹಲವು ಗಣ್ಯರು ಅಂತಿಮ ನಮನ ಸಲ್ಲಿಸಿದರು.
ಸರ್ಕಾರಿ ಗೌರವದೊಂದಿಗೆ ಅಂತ್ಯಕ್ರಿಯೆ ನೆರವೇರಿಸಲಾಯಿತು. ಕಾಫಿ ಡೇ ಮಾಲೀಕ ಸಿದ್ದಾರ್ಥ್ ಅವರ ಪುತ್ರ ಹಾಗೂ ಎಸ್.ಎಂ.ಕೃಷ್ಣ ಅವರ ಮೊಮ್ಮಗ ಅಮರ್ತ್ಯ ಹೆಗ್ಡೆ ಅವರು ಅಗ್ನಿಸ್ಪರ್ಶ ಮಾಡಿದರು.
ಮಾಡಿದರು.
ವೇದಮೂರ್ತಿ ಭಾನುಪ್ರಕಾಶ್ ಶರ್ಮಾ ನೇತೃತ್ವದಲ್ಲಿ 15 ವೈದಿಕರ ಅಂತಿಮ ವಿಧಿ–ವಿಧಾನ ಕಾರ್ಯಗಳು ನಡೆಯಿತು. ಹಲವು ಯತಿಗಳು, ಮಠಾಧೀಶರು ಹಾಗೂ ರಾಜಕೀಯ ಗಣ್ಯರು ಭಾಗವಹಿಸಿದ್ದರು.
ಅವರ ಅಂತ್ಯಕ್ರಿಯೆ ನೆರವೇರಿತು.
ಇದಕ್ಕೂ ಮುನ್ನ ಎಸ್‌ಎಂ ಕೃಷ್ಣ ಅವರ ಪಾರ್ಥಿವ ಶರೀರಕ್ಕೆ ಅಂತಿಮ ದರ್ಶನ ಪಡೆದ ಮುಖ್ಯಮಂತ್ರಿ ಸಿದ್ದರಾಮಯ್ಯ, ಡಿಸಿಎಂ ಡಿಕೆ ಶಿವಕುಮಾರ್, ಕೇಂದ್ರ ಸಚಿವರಾದ ಎಚ್‌ಡಿ ಕುಮಾರಸ್ವಾಮಿ ಹಾಗೂ ಪ್ರಹ್ಲಾದ್ ಜೋಶಿ ಪುಷ್ಪನಮನ ಸಲ್ಲಿಸಿದರು. ಮಾಜಿ ಮುಖ್ಯಮಂತ್ರಿಗಳಾದ ಬಿಎಸ್ ಯಡಿಯೂರಪ್ಪ, ಬಸವರಾಜ ಬೊಮ್ಮಾಯಿ, ವಿಧಾನಸಭೆ ಸ್ಪೀಕರ್ ಯುಟಿ ಖಾದರ್, ಸಚಿವರು, ಶಾಸಕರು ಸೇರಿದಂತೆ ಅನೇಕ ಗಣ್ಯರು ನಮನ ಸಲ್ಲಿಸಿದರು.
